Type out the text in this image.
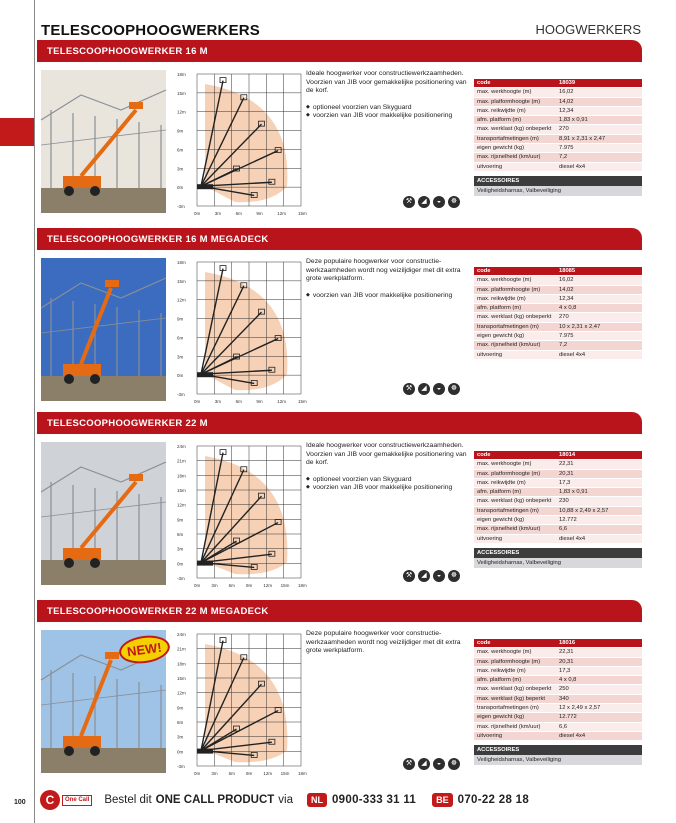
TELESCOOPHOOGWERKERS	HOOGWERKERS
TELESCOOPHOOGWERKER 16 M
18m
15m
12m
9m
6m
3m
0m
-3m
0m	3m	6m	9m	12m	15m

Ideale hoogwerker voor constructiewerkzaamheden. Voorzien van JIB voor gemakkelijke positionering van de korf.

◆ optioneel voorzien van Skyguard
◆ voorzien van JIB voor makkelijke positionering
code	18039
max. werkhoogte (m)	16,02
max. platformhoogte (m)	14,02
max. reikwijdte (m)	12,34
afm. platform (m)	1,83 x 0,91
max. werklast (kg) onbeperkt	270
transportafmetingen (m)	8,91 x 2,31 x 2,47
eigen gewicht (kg)	7.975
max. rijsnelheid (km/uur)	7,2
uitvoering	diesel 4x4
ACCESSOIRES
Veiligheidsharnas, Valbeveiliging
TELESCOOPHOOGWERKER 16 M MEGADECK
18m
15m
12m
9m
6m
3m
0m
-3m
0m	3m	6m	9m	12m	15m

Deze populaire hoogwerker voor constructie-werkzaamheden wordt nog veiziljdiger met dit extra grote werkplatform.

◆ voorzien van JIB voor makkelijke positionering
code	18085
max. werkhoogte (m)	16,02
max. platformhoogte (m)	14,02
max. reikwijdte (m)	12,34
afm. platform (m)	4 x 0,8
max. werklast (kg) onbeperkt	270
transportafmetingen (m)	10 x 2,31 x 2,47
eigen gewicht (kg)	7.975
max. rijsnelheid (km/uur)	7,2
uitvoering	diesel 4x4
TELESCOOPHOOGWERKER 22 M
24m
21m
18m
15m
12m
9m
6m
3m
0m
-3m
0m 3m 6m 9m 12m 15m 18m

Ideale hoogwerker voor constructiewerkzaamheden. Voorzien van JIB voor gemakkelijke positionering van de korf.

◆ optioneel voorzien van Skyguard
◆ voorzien van JIB voor makkelijke positionering
code	18014
max. werkhoogte (m)	22,31
max. platformhoogte (m)	20,31
max. reikwijdte (m)	17,3
afm. platform (m)	1,83 x 0,91
max. werklast (kg) onbeperkt	230
transportafmetingen (m)	10,88 x 2,49 x 2,57
eigen gewicht (kg)	12.772
max. rijsnelheid (km/uur)	6,6
uitvoering	diesel 4x4
ACCESSOIRES
Veiligheidsharnas, Valbeveiliging
TELESCOOPHOOGWERKER 22 M MEGADECK
NEW!
24m
21m
18m
15m
12m
9m
6m
3m
0m
-3m
0m 3m 6m 9m 12m 15m 18m

Deze populaire hoogwerker voor constructie-werkzaamheden wordt nog veiziljdiger met dit extra grote werkplatform.

code	18016
max. werkhoogte (m)	22,31
max. platformhoogte (m)	20,31
max. reikwijdte (m)	17,3
afm. platform (m)	4 x 0,8
max. werklast (kg) onbeperkt	250
max. werklast (kg) beperkt	340
transportafmetingen (m)	12 x 2,49 x 2,57
eigen gewicht (kg)	12.772
max. rijsnelheid (km/uur)	6,6
uitvoering	diesel 4x4
ACCESSOIRES
Veiligheidsharnas, Valbeveiliging
100	C	One Call Bestel dit ONE CALL PRODUCT via	NL 0900-333 31 11	BE 070-22 28 18
⚒	◢	◒	☸
⚒	◢	◒	☸
⚒	◢	◒	☸
⚒	◢	◒	☸
